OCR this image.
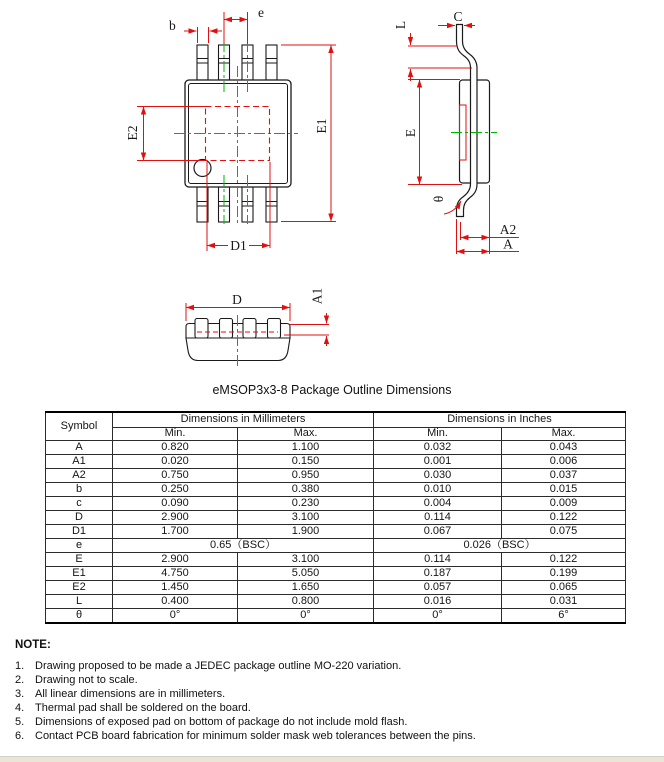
b
e
E2	E1
D1
C
L
E
θ
A2
A
D	A1
eMSOP3x3-8 Package Outline Dimensions
Symbol	Dimensions in Millimeters		Dimensions in Inches	
	Min.	Max.	Min.	Max.
A	0.820	1.100	0.032	0.043
A1	0.020	0.150	0.001	0.006
A2	0.750	0.950	0.030	0.037
b	0.250	0.380	0.010	0.015
c	0.090	0.230	0.004	0.009
D	2.900	3.100	0.114	0.122
D1	1.700	1.900	0.067	0.075
e	0.65（BSC）		0.026（BSC）	
E	2.900	3.100	0.114	0.122
E1	4.750	5.050	0.187	0.199
E2	1.450	1.650	0.057	0.065
L	0.400	0.800	0.016	0.031
θ	0°	0°	0°	6°
NOTE:
1. Drawing proposed to be made a JEDEC package outline MO-220 variation.
2. Drawing not to scale.
3. All linear dimensions are in millimeters.
4. Thermal pad shall be soldered on the board.
5. Dimensions of exposed pad on bottom of package do not include mold flash.
6. Contact PCB board fabrication for minimum solder mask web tolerances between the pins.
